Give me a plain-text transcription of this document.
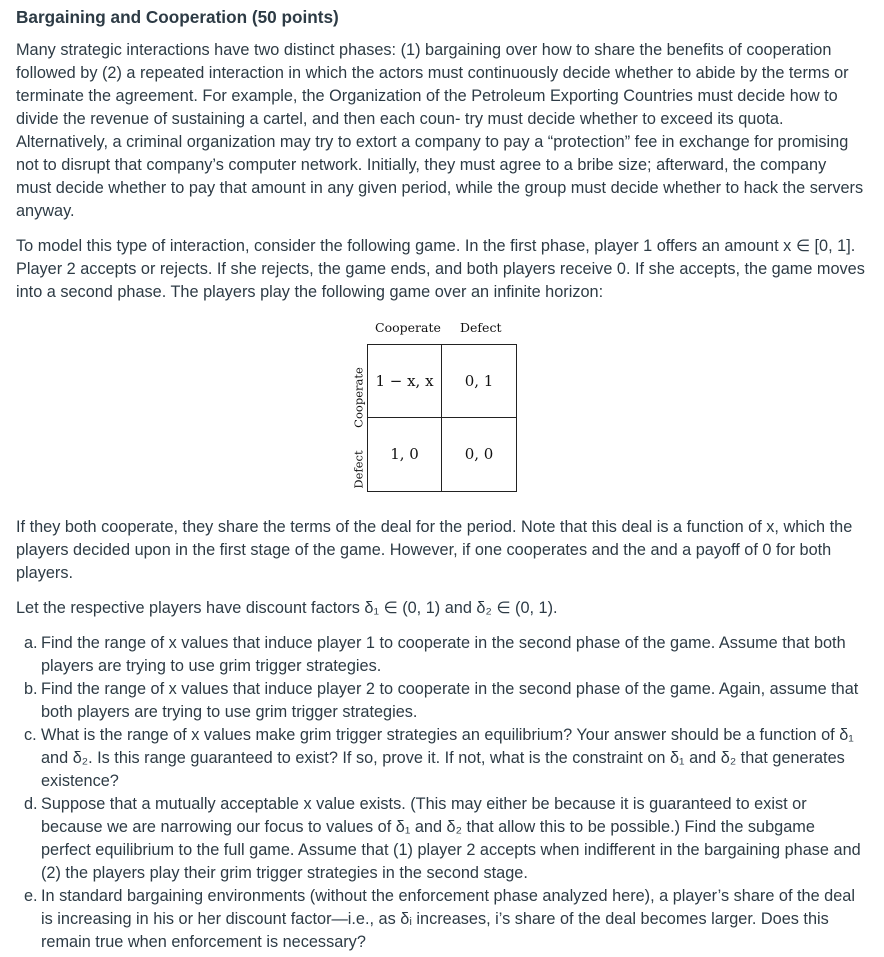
Bargaining and Cooperation (50 points)

Many strategic interactions have two distinct phases: (1) bargaining over how to share the benefits of cooperation followed by (2) a repeated interaction in which the actors must continuously decide whether to abide by the terms or terminate the agreement. For example, the Organization of the Petroleum Exporting Countries must decide how to divide the revenue of sustaining a cartel, and then each coun- try must decide whether to exceed its quota. Alternatively, a criminal organization may try to extort a company to pay a “protection” fee in exchange for promising not to disrupt that company’s computer network. Initially, they must agree to a bribe size; afterward, the company must decide whether to pay that amount in any given period, while the group must decide whether to hack the servers anyway.

To model this type of interaction, consider the following game. In the first phase, player 1 offers an amount x ∈ [0, 1]. Player 2 accepts or rejects. If she rejects, the game ends, and both players receive 0. If she accepts, the game moves into a second phase. The players play the following game over an infinite horizon:

Cooperate Defect
Cooperate
Defect
1 − x, x	0, 1
1, 0	0, 0

If they both cooperate, they share the terms of the deal for the period. Note that this deal is a function of x, which the players decided upon in the first stage of the game. However, if one cooperates and the and a payoff of 0 for both players.

Let the respective players have discount factors δ₁ ∈ (0, 1) and δ₂ ∈ (0, 1).

a. Find the range of x values that induce player 1 to cooperate in the second phase of the game. Assume that both players are trying to use grim trigger strategies.
b. Find the range of x values that induce player 2 to cooperate in the second phase of the game. Again, assume that both players are trying to use grim trigger strategies.
c. What is the range of x values make grim trigger strategies an equilibrium? Your answer should be a function of δ₁ and δ₂. Is this range guaranteed to exist? If so, prove it. If not, what is the constraint on δ₁ and δ₂ that generates existence?
d. Suppose that a mutually acceptable x value exists. (This may either be because it is guaranteed to exist or because we are narrowing our focus to values of δ₁ and δ₂ that allow this to be possible.) Find the subgame perfect equilibrium to the full game. Assume that (1) player 2 accepts when indifferent in the bargaining phase and (2) the players play their grim trigger strategies in the second stage.
e. In standard bargaining environments (without the enforcement phase analyzed here), a player’s share of the deal is increasing in his or her discount factor—i.e., as δᵢ increases, i’s share of the deal becomes larger. Does this remain true when enforcement is necessary?
